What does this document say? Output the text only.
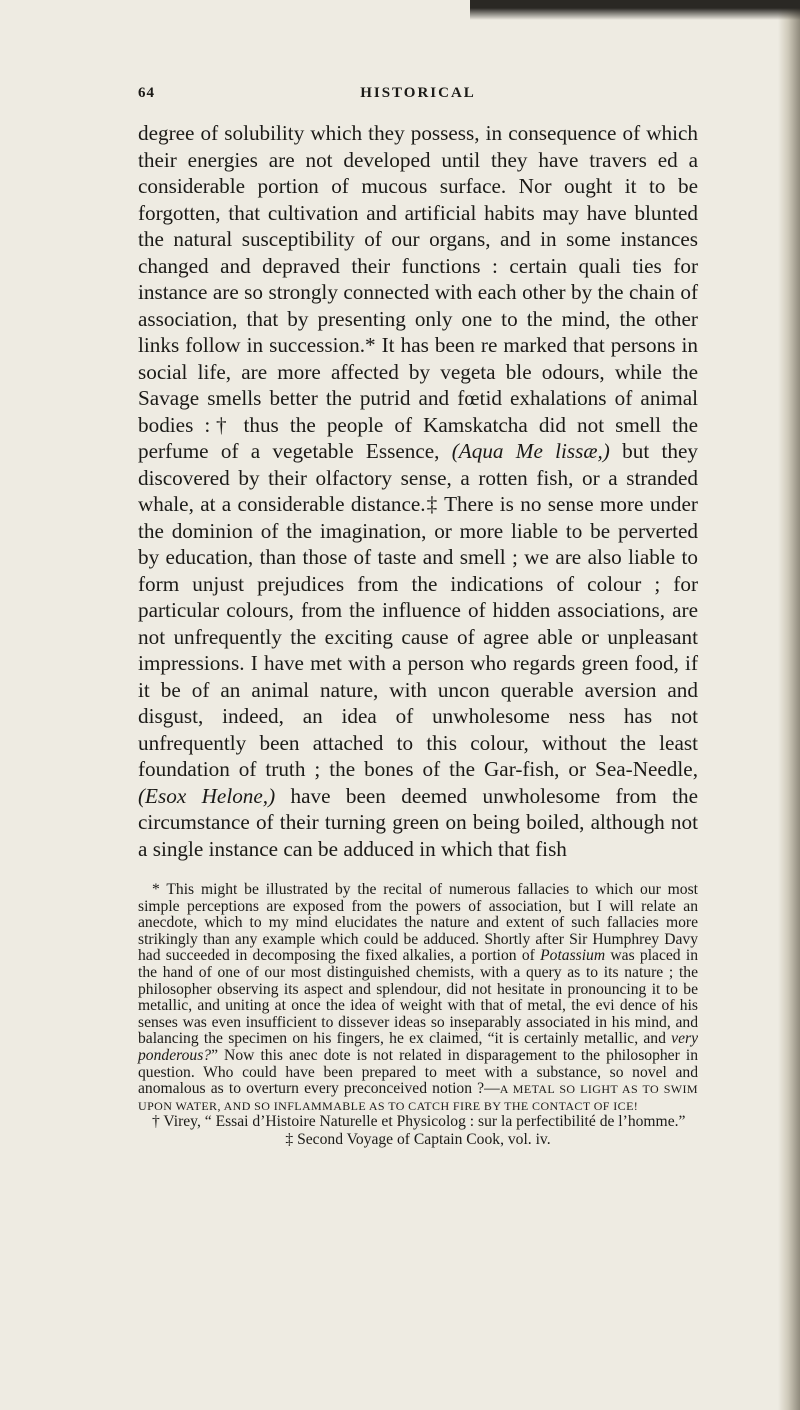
64	HISTORICAL

degree of solubility which they possess, in consequence of which their energies are not developed until they have travers ed a considerable portion of mucous surface. Nor ought it to be forgotten, that cultivation and artificial habits may have blunted the natural susceptibility of our organs, and in some instances changed and depraved their functions : certain quali ties for instance are so strongly connected with each other by the chain of association, that by presenting only one to the mind, the other links follow in succession.* It has been re marked that persons in social life, are more affected by vegeta ble odours, while the Savage smells better the putrid and fœtid exhalations of animal bodies :† thus the people of Kamskatcha did not smell the perfume of a vegetable Essence, (Aqua Me lissæ,) but they discovered by their olfactory sense, a rotten fish, or a stranded whale, at a considerable distance.‡ There is no sense more under the dominion of the imagination, or more liable to be perverted by education, than those of taste and smell ; we are also liable to form unjust prejudices from the indications of colour ; for particular colours, from the influence of hidden associations, are not unfrequently the exciting cause of agree able or unpleasant impressions. I have met with a person who regards green food, if it be of an animal nature, with uncon querable aversion and disgust, indeed, an idea of unwholesome ness has not unfrequently been attached to this colour, without the least foundation of truth ; the bones of the Gar-fish, or Sea-Needle, (Esox Helone,) have been deemed unwholesome from the circumstance of their turning green on being boiled, although not a single instance can be adduced in which that fish

* This might be illustrated by the recital of numerous fallacies to which our most simple perceptions are exposed from the powers of association, but I will relate an anecdote, which to my mind elucidates the nature and extent of such fallacies more strikingly than any example which could be adduced. Shortly after Sir Humphrey Davy had succeeded in decomposing the fixed alkalies, a portion of Potassium was placed in the hand of one of our most distinguished chemists, with a query as to its nature ; the philosopher observing its aspect and splendour, did not hesitate in pronouncing it to be metallic, and uniting at once the idea of weight with that of metal, the evi dence of his senses was even insufficient to dissever ideas so inseparably associated in his mind, and balancing the specimen on his fingers, he ex claimed, “it is certainly metallic, and very ponderous?” Now this anec dote is not related in disparagement to the philosopher in question. Who could have been prepared to meet with a substance, so novel and anomalous as to overturn every preconceived notion ?—A METAL SO LIGHT AS TO SWIM UPON WATER, AND SO INFLAMMABLE AS TO CATCH FIRE BY THE CONTACT OF ICE!

† Virey, “ Essai d’Histoire Naturelle et Physicolog : sur la perfectibilité de l’homme.”

‡ Second Voyage of Captain Cook, vol. iv.
